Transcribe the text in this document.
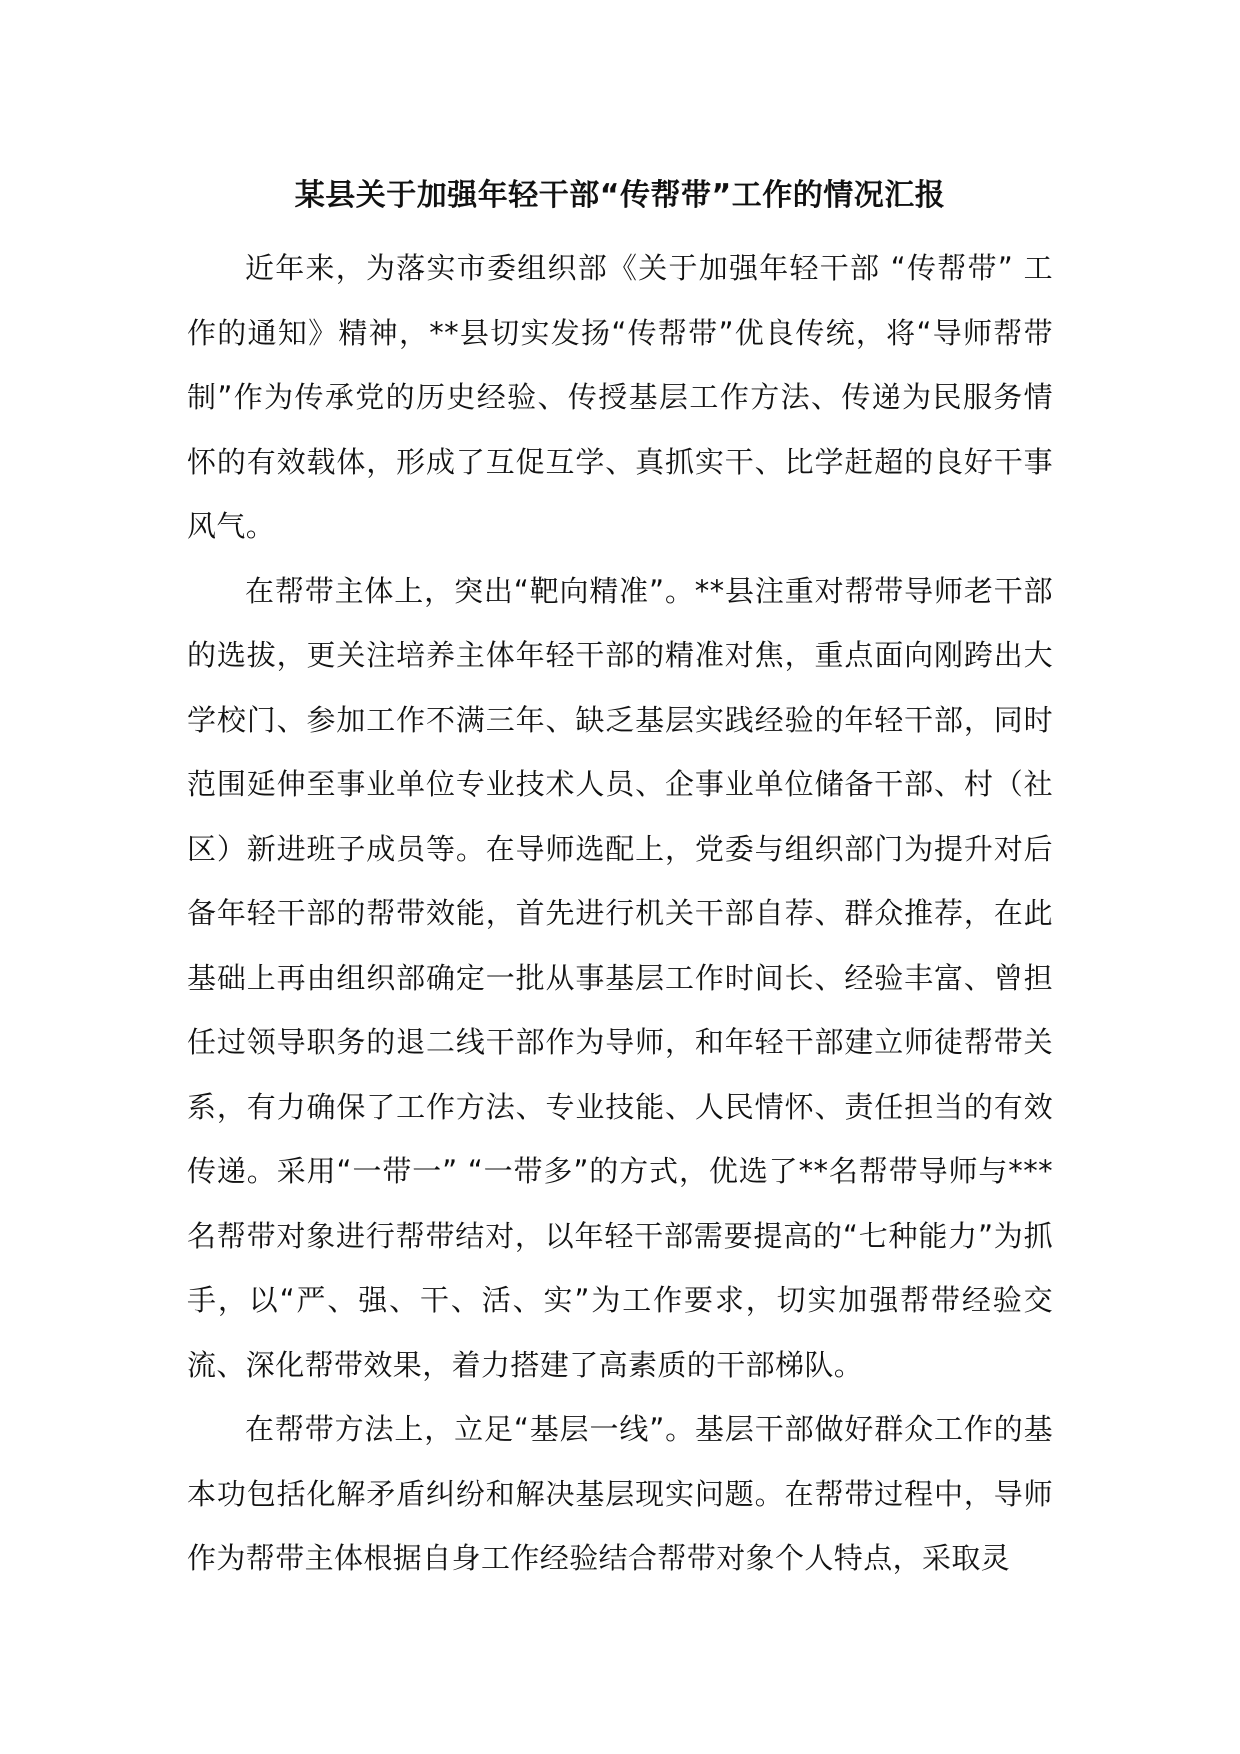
某县关于加强年轻干部“传帮带”工作的情况汇报

近年来，为落实市委组织部《关于加强年轻干部 “传帮带” 工作的通知》精神，**县切实发扬“传帮带”优良传统，将“导师帮带制”作为传承党的历史经验、传授基层工作方法、传递为民服务情怀的有效载体，形成了互促互学、真抓实干、比学赶超的良好干事风气。

在帮带主体上，突出“靶向精准”。**县注重对帮带导师老干部的选拔，更关注培养主体年轻干部的精准对焦，重点面向刚跨出大学校门、参加工作不满三年、缺乏基层实践经验的年轻干部，同时范围延伸至事业单位专业技术人员、企事业单位储备干部、村（社区）新进班子成员等。在导师选配上，党委与组织部门为提升对后备年轻干部的帮带效能，首先进行机关干部自荐、群众推荐，在此基础上再由组织部确定一批从事基层工作时间长、经验丰富、曾担任过领导职务的退二线干部作为导师，和年轻干部建立师徒帮带关系，有力确保了工作方法、专业技能、人民情怀、责任担当的有效传递。采用“一带一” “一带多”的方式，优选了**名帮带导师与***名帮带对象进行帮带结对，以年轻干部需要提高的“七种能力”为抓手，以“严、强、干、活、实”为工作要求，切实加强帮带经验交流、深化帮带效果，着力搭建了高素质的干部梯队。

在帮带方法上，立足“基层一线”。基层干部做好群众工作的基本功包括化解矛盾纠纷和解决基层现实问题。在帮带过程中，导师作为帮带主体根据自身工作经验结合帮带对象个人特点，采取灵
